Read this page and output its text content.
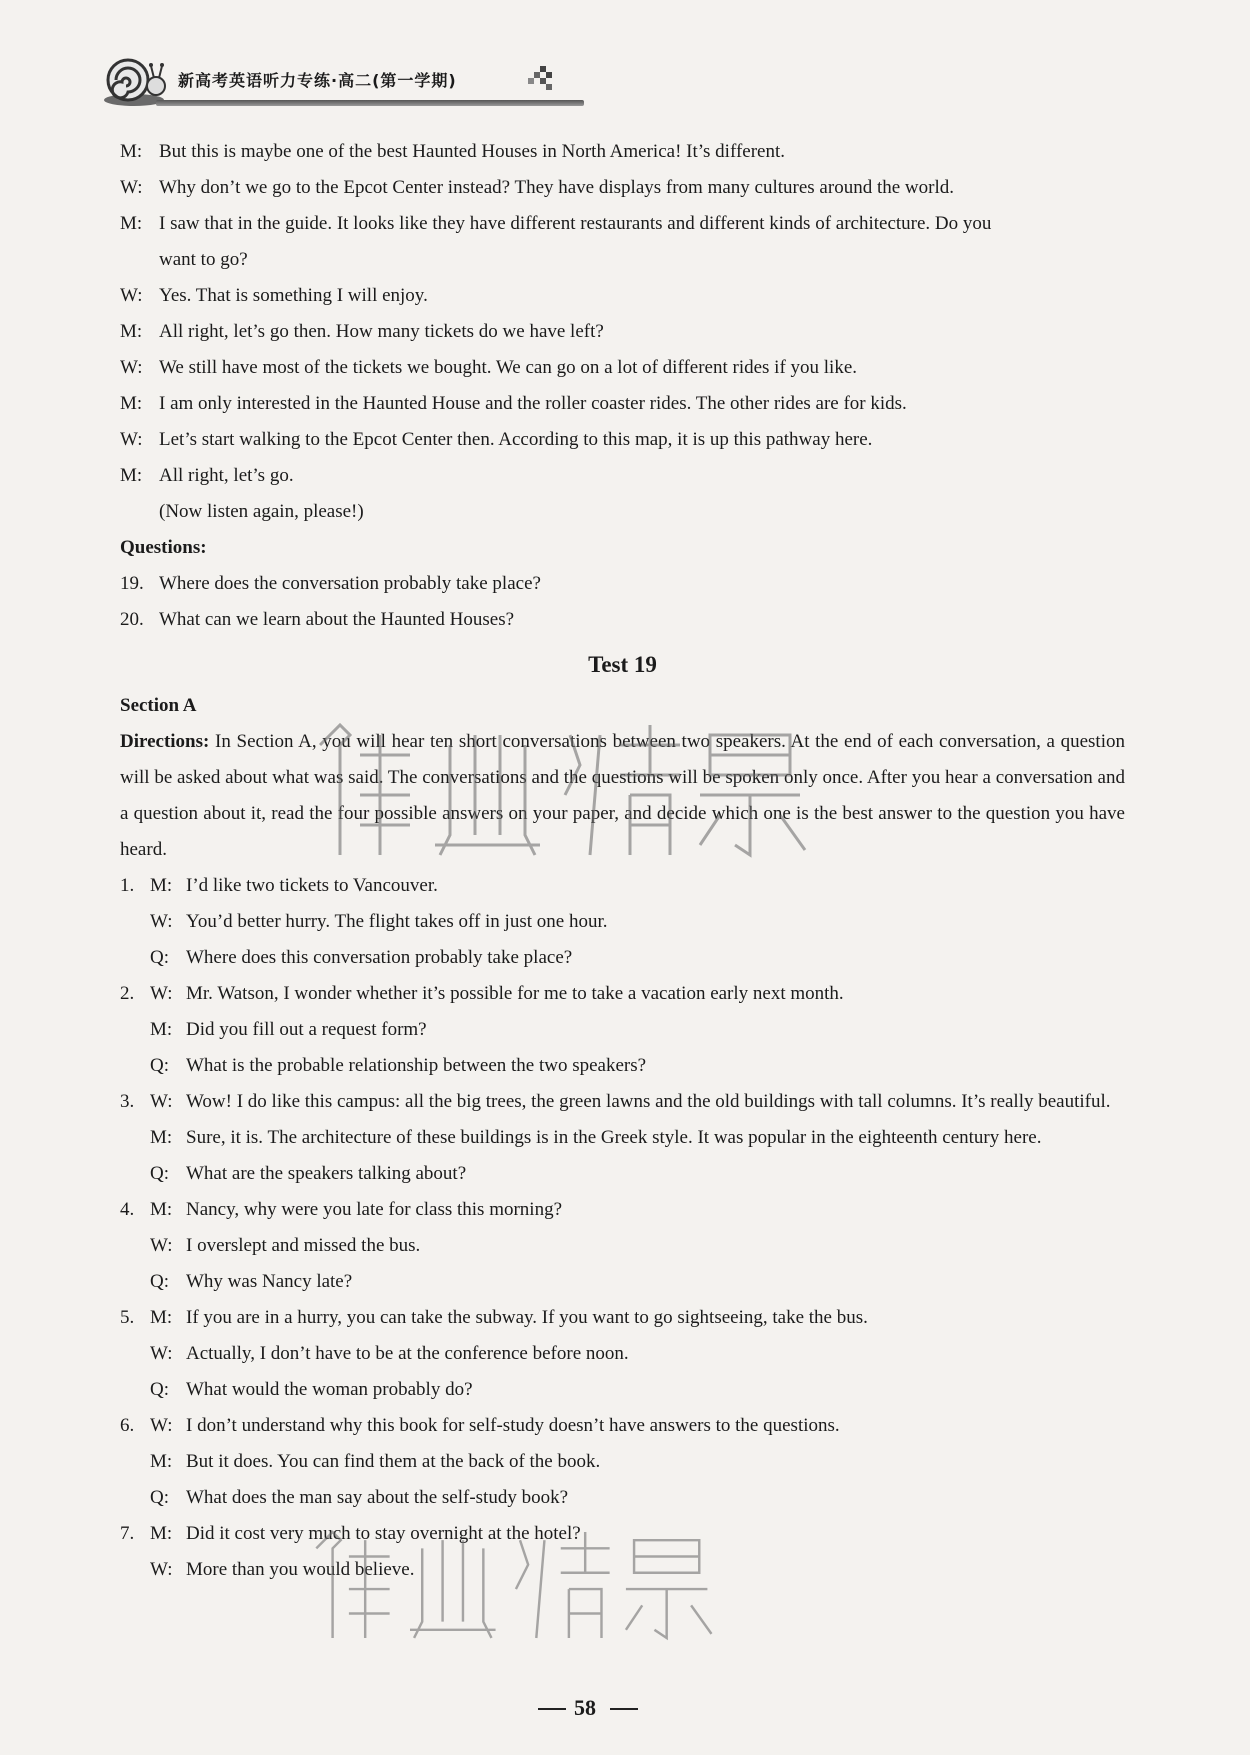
新高考英语听力专练·高二(第一学期)
M: But this is maybe one of the best Haunted Houses in North America! It’s different.
W: Why don’t we go to the Epcot Center instead? They have displays from many cultures around the world.
M: I saw that in the guide. It looks like they have different restaurants and different kinds of architecture. Do you
want to go?
W: Yes. That is something I will enjoy.
M: All right, let’s go then. How many tickets do we have left?
W: We still have most of the tickets we bought. We can go on a lot of different rides if you like.
M: I am only interested in the Haunted House and the roller coaster rides. The other rides are for kids.
W: Let’s start walking to the Epcot Center then. According to this map, it is up this pathway here.
M: All right, let’s go.
(Now listen again, please!)
Questions:
19. Where does the conversation probably take place?
20. What can we learn about the Haunted Houses?
Test 19
Section A
Directions: In Section A, you will hear ten short conversations between two speakers. At the end of each conversation, a question will be asked about what was said. The conversations and the questions will be spoken only once. After you hear a conversation and a question about it, read the four possible answers on your paper, and decide which one is the best answer to the question you have heard.
1. M: I’d like two tickets to Vancouver.
W: You’d better hurry. The flight takes off in just one hour.
Q: Where does this conversation probably take place?
2. W: Mr. Watson, I wonder whether it’s possible for me to take a vacation early next month.
M: Did you fill out a request form?
Q: What is the probable relationship between the two speakers?
3. W: Wow! I do like this campus: all the big trees, the green lawns and the old buildings with tall columns. It’s really beautiful.
M: Sure, it is. The architecture of these buildings is in the Greek style. It was popular in the eighteenth century here.
Q: What are the speakers talking about?
4. M: Nancy, why were you late for class this morning?
W: I overslept and missed the bus.
Q: Why was Nancy late?
5. M: If you are in a hurry, you can take the subway. If you want to go sightseeing, take the bus.
W: Actually, I don’t have to be at the conference before noon.
Q: What would the woman probably do?
6. W: I don’t understand why this book for self-study doesn’t have answers to the questions.
M: But it does. You can find them at the back of the book.
Q: What does the man say about the self-study book?
7. M: Did it cost very much to stay overnight at the hotel?
W: More than you would believe.
58
